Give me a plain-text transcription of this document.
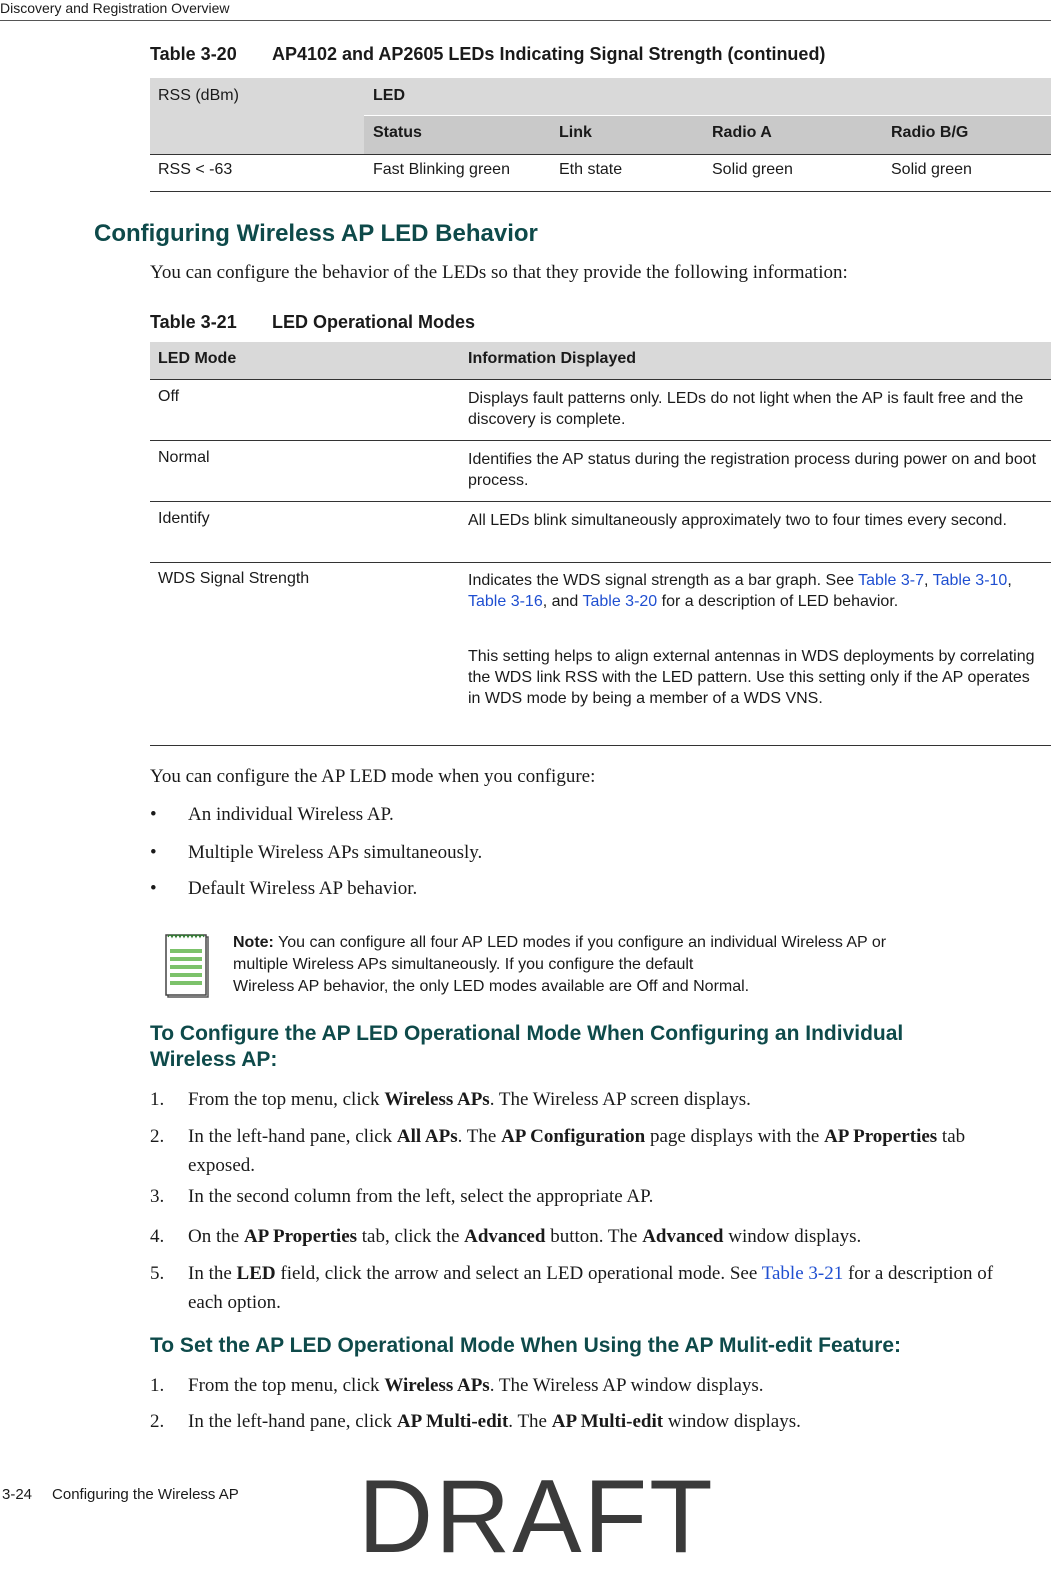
Discovery and Registration Overview
Table 3-20 AP4102 and AP2605 LEDs Indicating Signal Strength (continued)
RSS (dBm)	LED
Status	Link	Radio A	Radio B/G
RSS < -63	Fast Blinking green	Eth state	Solid green	Solid green
Configuring Wireless AP LED Behavior
You can configure the behavior of the LEDs so that they provide the following information:
Table 3-21 LED Operational Modes
LED Mode	Information Displayed
Off	Displays fault patterns only. LEDs do not light when the AP is fault free and the discovery is complete.
Normal	Identifies the AP status during the registration process during power on and boot process.
Identify	All LEDs blink simultaneously approximately two to four times every second.
WDS Signal Strength	Indicates the WDS signal strength as a bar graph. See Table 3-7, Table 3-10, Table 3-16, and Table 3-20 for a description of LED behavior.
This setting helps to align external antennas in WDS deployments by correlating the WDS link RSS with the LED pattern. Use this setting only if the AP operates in WDS mode by being a member of a WDS VNS.
You can configure the AP LED mode when you configure:
• An individual Wireless AP.
• Multiple Wireless APs simultaneously.
• Default Wireless AP behavior.
Note: You can configure all four AP LED modes if you configure an individual Wireless AP or
multiple Wireless APs simultaneously. If you configure the default
Wireless AP behavior, the only LED modes available are Off and Normal.
To Configure the AP LED Operational Mode When Configuring an Individual
Wireless AP:
1. From the top menu, click Wireless APs. The Wireless AP screen displays.
2. In the left-hand pane, click All APs. The AP Configuration page displays with the AP Properties tab exposed.
3. In the second column from the left, select the appropriate AP.
4. On the AP Properties tab, click the Advanced button. The Advanced window displays.
5. In the LED field, click the arrow and select an LED operational mode. See Table 3-21 for a description of each option.
To Set the AP LED Operational Mode When Using the AP Mulit-edit Feature:
1. From the top menu, click Wireless APs. The Wireless AP window displays.
2. In the left-hand pane, click AP Multi-edit. The AP Multi-edit window displays.
3-24 Configuring the Wireless AP DRAFT
